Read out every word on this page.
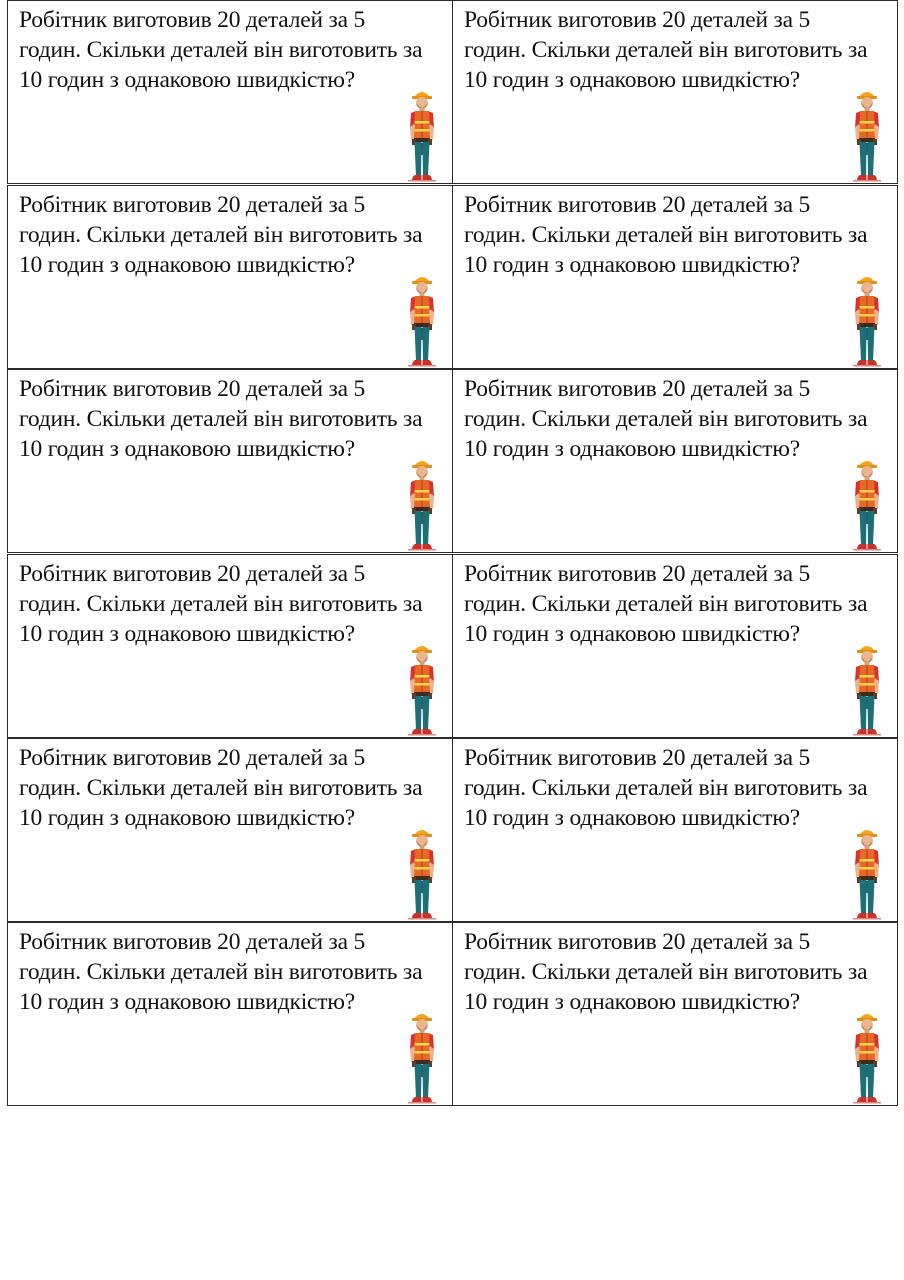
Робітник виготовив 20 деталей за 5 годин. Скільки деталей він виготовить за 10 годин з однаковою швидкістю?

Робітник виготовив 20 деталей за 5 годин. Скільки деталей він виготовить за 10 годин з однаковою швидкістю?

Робітник виготовив 20 деталей за 5 годин. Скільки деталей він виготовить за 10 годин з однаковою швидкістю?

Робітник виготовив 20 деталей за 5 годин. Скільки деталей він виготовить за 10 годин з однаковою швидкістю?

Робітник виготовив 20 деталей за 5 годин. Скільки деталей він виготовить за 10 годин з однаковою швидкістю?

Робітник виготовив 20 деталей за 5 годин. Скільки деталей він виготовить за 10 годин з однаковою швидкістю?

Робітник виготовив 20 деталей за 5 годин. Скільки деталей він виготовить за 10 годин з однаковою швидкістю?

Робітник виготовив 20 деталей за 5 годин. Скільки деталей він виготовить за 10 годин з однаковою швидкістю?

Робітник виготовив 20 деталей за 5 годин. Скільки деталей він виготовить за 10 годин з однаковою швидкістю?

Робітник виготовив 20 деталей за 5 годин. Скільки деталей він виготовить за 10 годин з однаковою швидкістю?

Робітник виготовив 20 деталей за 5 годин. Скільки деталей він виготовить за 10 годин з однаковою швидкістю?

Робітник виготовив 20 деталей за 5 годин. Скільки деталей він виготовить за 10 годин з однаковою швидкістю?
